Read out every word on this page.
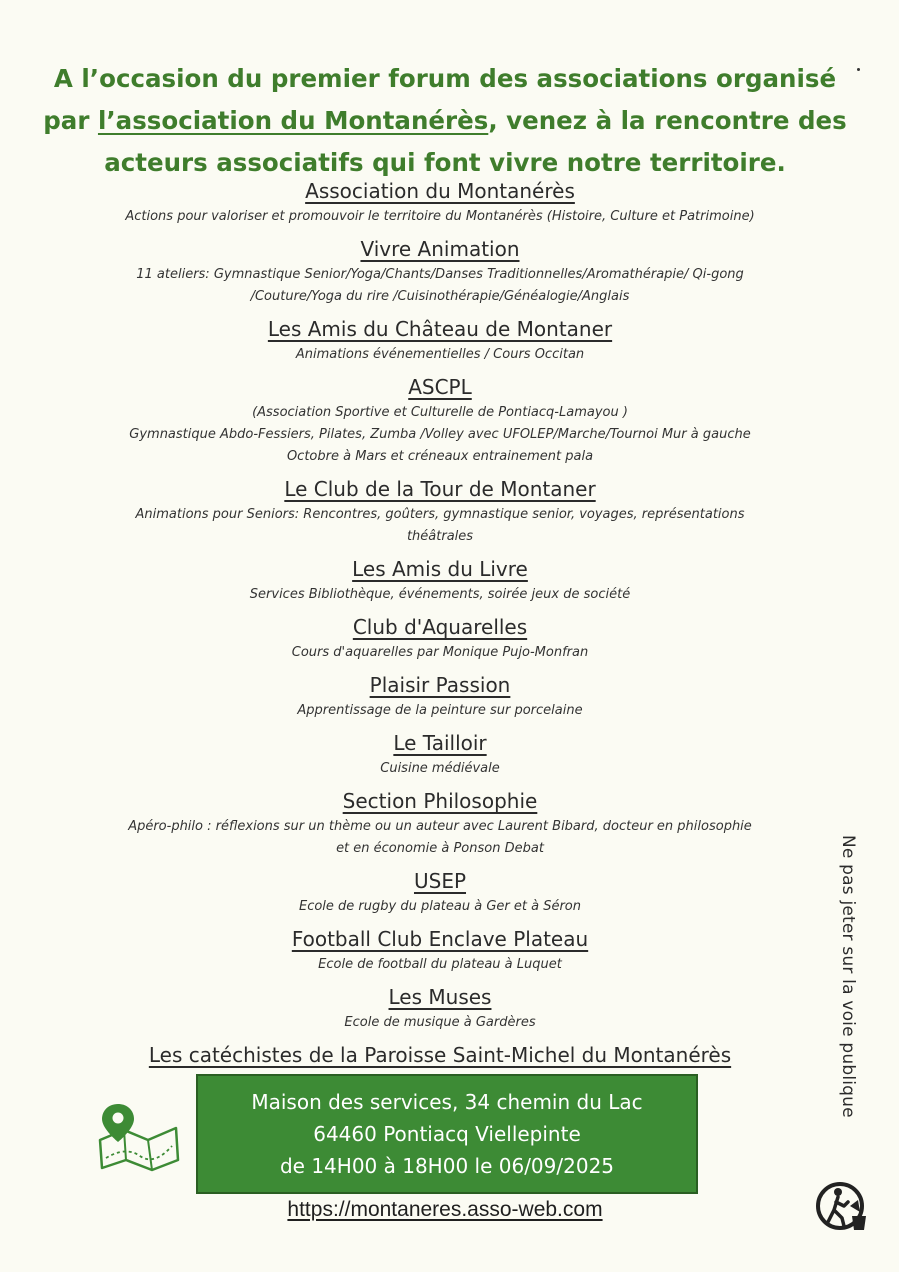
A l’occasion du premier forum des associations organisé par l’association du Montanérès, venez à la rencontre des acteurs associatifs qui font vivre notre territoire.
Association du Montanérès
Actions pour valoriser et promouvoir le territoire du Montanérès (Histoire, Culture et Patrimoine)
Vivre Animation
11 ateliers: Gymnastique Senior/Yoga/Chants/Danses Traditionnelles/Aromathérapie/ Qi-gong
/Couture/Yoga du rire /Cuisinothérapie/Généalogie/Anglais
Les Amis du Château de Montaner
Animations événementielles / Cours Occitan
ASCPL
(Association Sportive et Culturelle de Pontiacq-Lamayou )
Gymnastique Abdo-Fessiers, Pilates, Zumba /Volley avec UFOLEP/Marche/Tournoi Mur à gauche
Octobre à Mars et créneaux entrainement pala
Le Club de la Tour de Montaner
Animations pour Seniors: Rencontres, goûters, gymnastique senior, voyages, représentations
théâtrales
Les Amis du Livre
Services Bibliothèque, événements, soirée jeux de société
Club d'Aquarelles
Cours d'aquarelles par Monique Pujo-Monfran
Plaisir Passion
Apprentissage de la peinture sur porcelaine
Le Tailloir
Cuisine médiévale
Section Philosophie
Apéro-philo : réflexions sur un thème ou un auteur avec Laurent Bibard, docteur en philosophie
et en économie à Ponson Debat
USEP
Ecole de rugby du plateau à Ger et à Séron
Football Club Enclave Plateau
Ecole de football du plateau à Luquet
Les Muses
Ecole de musique à Gardères
Les catéchistes de la Paroisse Saint-Michel du Montanérès	Ne pas jeter sur la voie publique
Maison des services, 34 chemin du Lac
64460 Pontiacq Viellepinte
de 14H00 à 18H00 le 06/09/2025
https://montaneres.asso-web.com
